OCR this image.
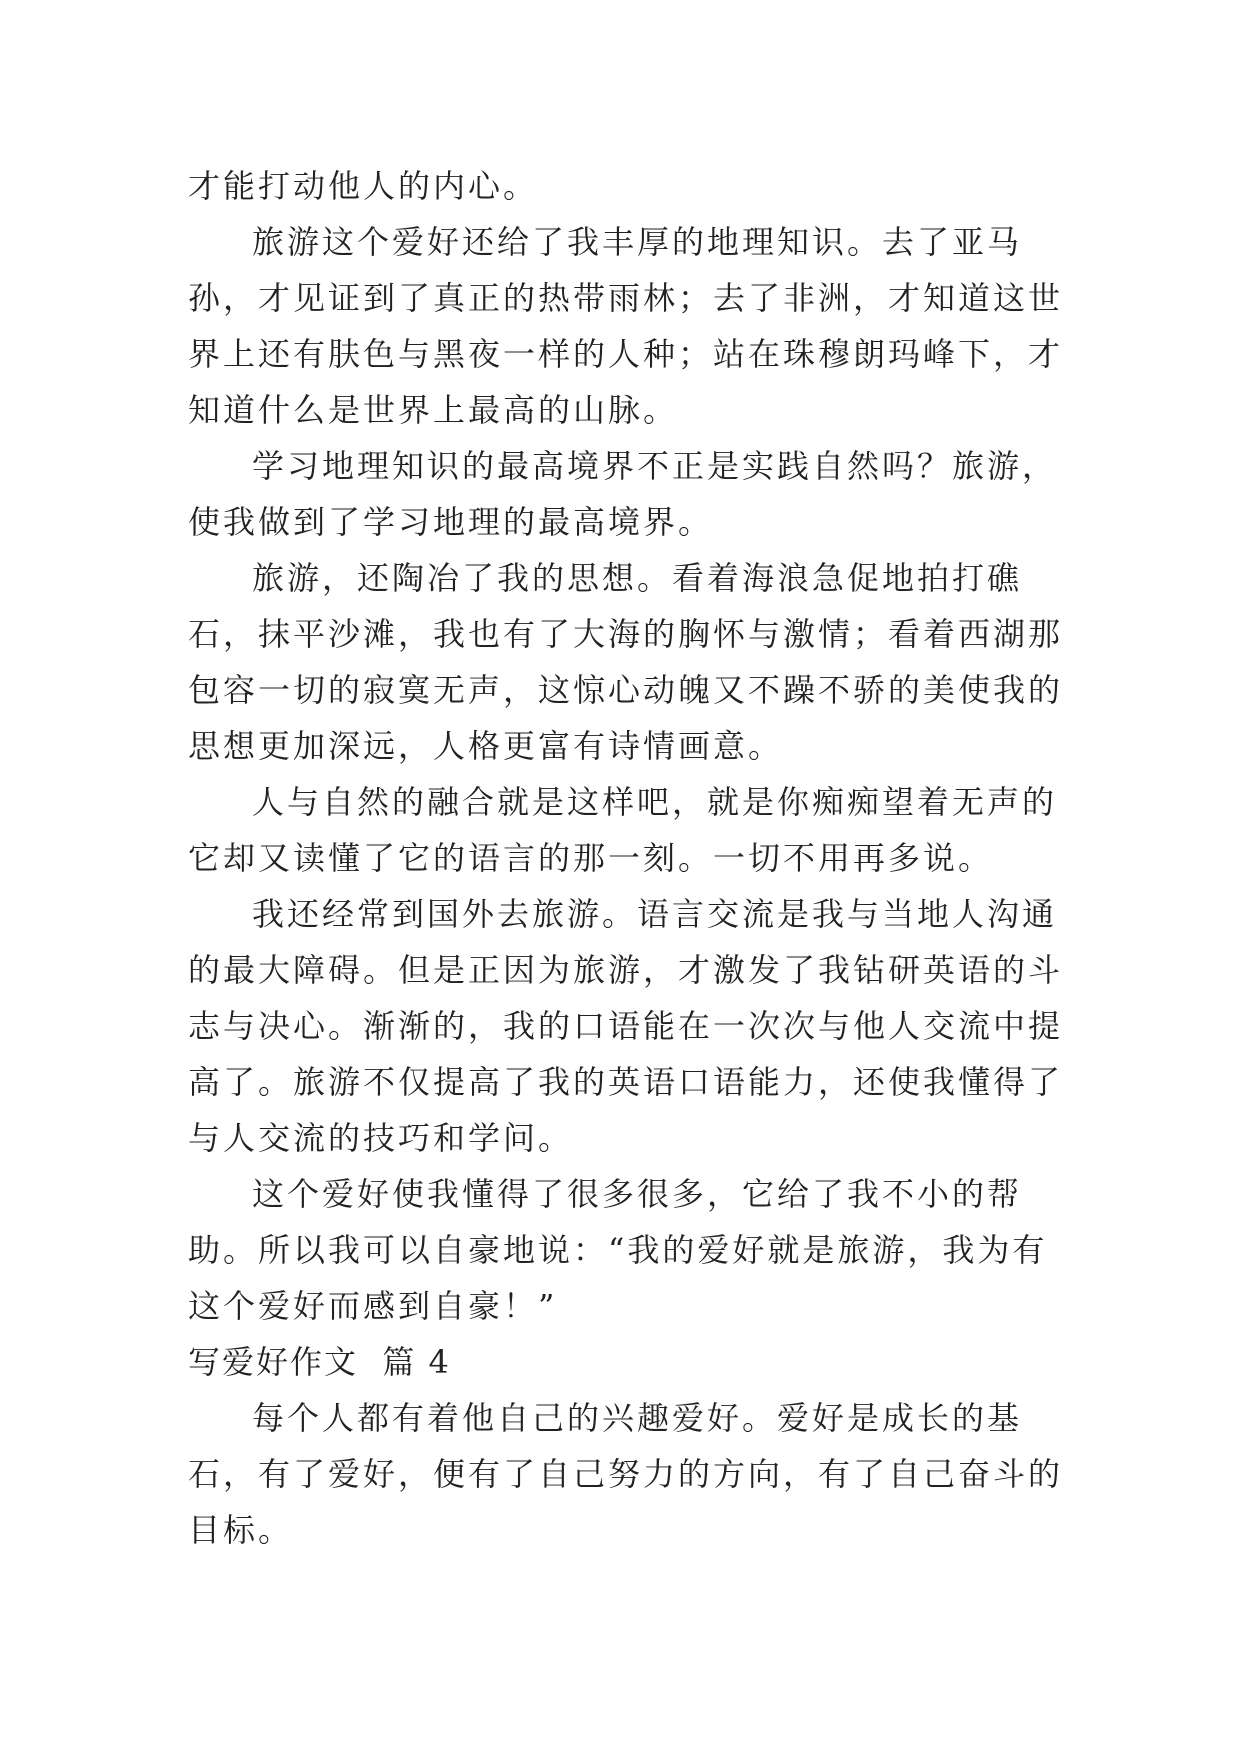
才能打动他人的内心。

旅游这个爱好还给了我丰厚的地理知识。去了亚马孙，才见证到了真正的热带雨林；去了非洲，才知道这世界上还有肤色与黑夜一样的人种；站在珠穆朗玛峰下，才知道什么是世界上最高的山脉。

学习地理知识的最高境界不正是实践自然吗？旅游，使我做到了学习地理的最高境界。

旅游，还陶冶了我的思想。看着海浪急促地拍打礁石，抹平沙滩，我也有了大海的胸怀与激情；看着西湖那包容一切的寂寞无声，这惊心动魄又不躁不骄的美使我的思想更加深远，人格更富有诗情画意。

人与自然的融合就是这样吧，就是你痴痴望着无声的它却又读懂了它的语言的那一刻。一切不用再多说。

我还经常到国外去旅游。语言交流是我与当地人沟通的最大障碍。但是正因为旅游，才激发了我钻研英语的斗志与决心。渐渐的，我的口语能在一次次与他人交流中提高了。旅游不仅提高了我的英语口语能力，还使我懂得了与人交流的技巧和学问。

这个爱好使我懂得了很多很多，它给了我不小的帮助。所以我可以自豪地说：“我的爱好就是旅游，我为有这个爱好而感到自豪！”

写爱好作文  篇 4

每个人都有着他自己的兴趣爱好。爱好是成长的基石，有了爱好，便有了自己努力的方向，有了自己奋斗的目标。
